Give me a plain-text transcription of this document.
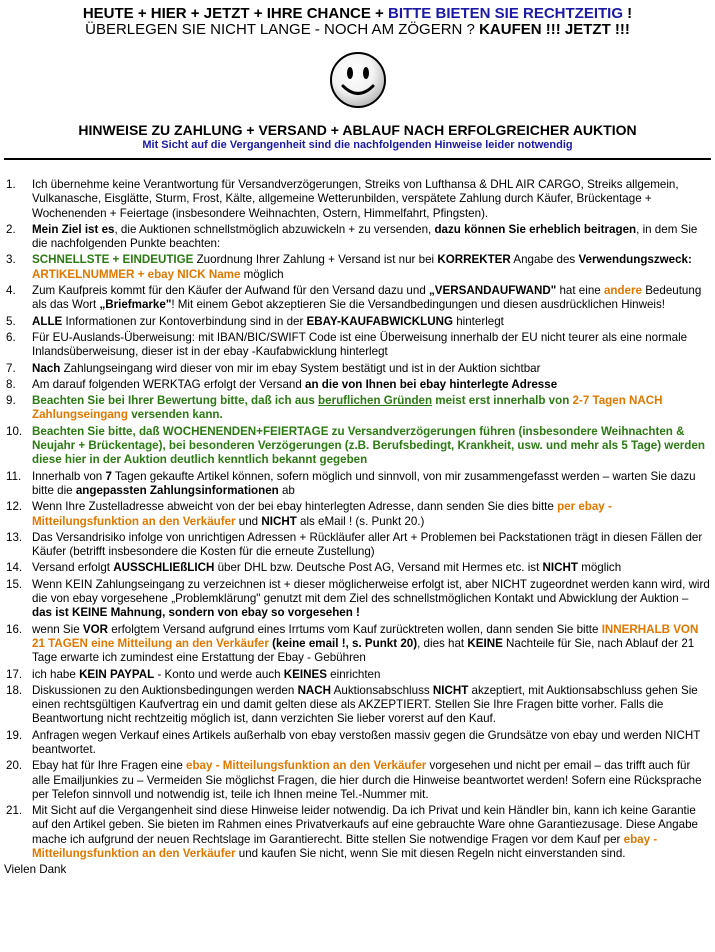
HEUTE + HIER + JETZT + IHRE CHANCE + BITTE BIETEN SIE RECHTZEITIG !
ÜBERLEGEN SIE NICHT LANGE - NOCH AM ZÖGERN ? KAUFEN !!! JETZT !!!
HINWEISE ZU ZAHLUNG + VERSAND + ABLAUF NACH ERFOLGREICHER AUKTION
Mit Sicht auf die Vergangenheit sind die nachfolgenden Hinweise leider notwendig
1. Ich übernehme keine Verantwortung für Versandverzögerungen, Streiks von Lufthansa & DHL AIR CARGO, Streiks allgemein, Vulkanasche, Eisglätte, Sturm, Frost, Kälte, allgemeine Wetterunbilden, verspätete Zahlung durch Käufer, Brückentage + Wochenenden + Feiertage (insbesondere Weihnachten, Ostern, Himmelfahrt, Pfingsten).
2. Mein Ziel ist es, die Auktionen schnellstmöglich abzuwickeln + zu versenden, dazu können Sie erheblich beitragen, in dem Sie die nachfolgenden Punkte beachten:
3. SCHNELLSTE + EINDEUTIGE Zuordnung Ihrer Zahlung + Versand ist nur bei KORREKTER Angabe des Verwendungszweck: ARTIKELNUMMER + ebay NICK Name möglich
4. Zum Kaufpreis kommt für den Käufer der Aufwand für den Versand dazu und „VERSANDAUFWAND" hat eine andere Bedeutung als das Wort „Briefmarke"! Mit einem Gebot akzeptieren Sie die Versandbedingungen und diesen ausdrücklichen Hinweis!
5. ALLE Informationen zur Kontoverbindung sind in der EBAY-KAUFABWICKLUNG hinterlegt
6. Für EU-Auslands-Überweisung: mit IBAN/BIC/SWIFT Code ist eine Überweisung innerhalb der EU nicht teurer als eine normale Inlandsüberweisung, dieser ist in der ebay -Kaufabwicklung hinterlegt
7. Nach Zahlungseingang wird dieser von mir im ebay System bestätigt und ist in der Auktion sichtbar
8. Am darauf folgenden WERKTAG erfolgt der Versand an die von Ihnen bei ebay hinterlegte Adresse
9. Beachten Sie bei Ihrer Bewertung bitte, daß ich aus beruflichen Gründen meist erst innerhalb von 2-7 Tagen NACH Zahlungseingang versenden kann.
10. Beachten Sie bitte, daß WOCHENENDEN+FEIERTAGE zu Versandverzögerungen führen (insbesondere Weihnachten & Neujahr + Brückentage), bei besonderen Verzögerungen (z.B. Berufsbedingt, Krankheit, usw. und mehr als 5 Tage) werden diese hier in der Auktion deutlich kenntlich bekannt gegeben
11. Innerhalb von 7 Tagen gekaufte Artikel können, sofern möglich und sinnvoll, von mir zusammengefasst werden – warten Sie dazu bitte die angepassten Zahlungsinformationen ab
12. Wenn Ihre Zustelladresse abweicht von der bei ebay hinterlegten Adresse, dann senden Sie dies bitte per ebay - Mitteilungsfunktion an den Verkäufer und NICHT als eMail ! (s. Punkt 20.)
13. Das Versandrisiko infolge von unrichtigen Adressen + Rückläufer aller Art + Problemen bei Packstationen trägt in diesen Fällen der Käufer (betrifft insbesondere die Kosten für die erneute Zustellung)
14. Versand erfolgt AUSSCHLIEßLICH über DHL bzw. Deutsche Post AG, Versand mit Hermes etc. ist NICHT möglich
15. Wenn KEIN Zahlungseingang zu verzeichnen ist + dieser möglicherweise erfolgt ist, aber NICHT zugeordnet werden kann wird, wird die von ebay vorgesehene „Problemklärung" genutzt mit dem Ziel des schnellstmöglichen Kontakt und Abwicklung der Auktion – das ist KEINE Mahnung, sondern von ebay so vorgesehen !
16. wenn Sie VOR erfolgtem Versand aufgrund eines Irrtums vom Kauf zurücktreten wollen, dann senden Sie bitte INNERHALB VON 21 TAGEN eine Mitteilung an den Verkäufer (keine email !, s. Punkt 20), dies hat KEINE Nachteile für Sie, nach Ablauf der 21 Tage erwarte ich zumindest eine Erstattung der Ebay - Gebühren
17. ich habe KEIN PAYPAL - Konto und werde auch KEINES einrichten
18. Diskussionen zu den Auktionsbedingungen werden NACH Auktionsabschluss NICHT akzeptiert, mit Auktionsabschluss gehen Sie einen rechtsgültigen Kaufvertrag ein und damit gelten diese als AKZEPTIERT. Stellen Sie Ihre Fragen bitte vorher. Falls die Beantwortung nicht rechtzeitig möglich ist, dann verzichten Sie lieber vorerst auf den Kauf.
19. Anfragen wegen Verkauf eines Artikels außerhalb von ebay verstoßen massiv gegen die Grundsätze von ebay und werden NICHT beantwortet.
20. Ebay hat für Ihre Fragen eine ebay - Mitteilungsfunktion an den Verkäufer vorgesehen und nicht per email – das trifft auch für alle Emailjunkies zu – Vermeiden Sie möglichst Fragen, die hier durch die Hinweise beantwortet werden! Sofern eine Rücksprache per Telefon sinnvoll und notwendig ist, teile ich Ihnen meine Tel.-Nummer mit.
21. Mit Sicht auf die Vergangenheit sind diese Hinweise leider notwendig. Da ich Privat und kein Händler bin, kann ich keine Garantie auf den Artikel geben. Sie bieten im Rahmen eines Privatverkaufs auf eine gebrauchte Ware ohne Garantiezusage. Diese Angabe mache ich aufgrund der neuen Rechtslage im Garantierecht. Bitte stellen Sie notwendige Fragen vor dem Kauf per ebay - Mitteilungsfunktion an den Verkäufer und kaufen Sie nicht, wenn Sie mit diesen Regeln nicht einverstanden sind.
Vielen Dank
